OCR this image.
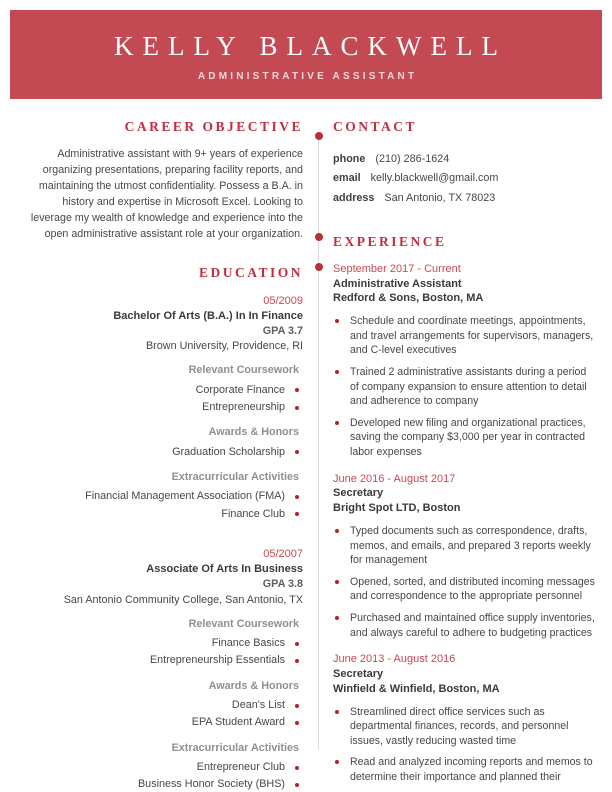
KELLY BLACKWELL
ADMINISTRATIVE ASSISTANT
CAREER OBJECTIVE

Administrative assistant with 9+ years of experience organizing presentations, preparing facility reports, and maintaining the utmost confidentiality. Possess a B.A. in history and expertise in Microsoft Excel. Looking to leverage my wealth of knowledge and experience into the open administrative assistant role at your organization.

EDUCATION
05/2009
Bachelor Of Arts (B.A.) In In Finance
GPA 3.7
Brown University, Providence, RI
Relevant Coursework
Corporate Finance
Entrepreneurship
Awards & Honors
Graduation Scholarship
Extracurricular Activities
Financial Management Association (FMA)
Finance Club
05/2007
Associate Of Arts In Business
GPA 3.8
San Antonio Community College, San Antonio, TX
Relevant Coursework
Finance Basics
Entrepreneurship Essentials
Awards & Honors
Dean's List
EPA Student Award
Extracurricular Activities
Entrepreneur Club
Business Honor Society (BHS)
CONTACT
phone (210) 286-1624
email kelly.blackwell@gmail.com
address San Antonio, TX 78023
EXPERIENCE
September 2017 - Current
Administrative Assistant
Redford & Sons, Boston, MA
Schedule and coordinate meetings, appointments, and travel arrangements for supervisors, managers, and C-level executives
Trained 2 administrative assistants during a period of company expansion to ensure attention to detail and adherence to company
Developed new filing and organizational practices, saving the company $3,000 per year in contracted labor expenses
June 2016 - August 2017
Secretary
Bright Spot LTD, Boston
Typed documents such as correspondence, drafts, memos, and emails, and prepared 3 reports weekly for management
Opened, sorted, and distributed incoming messages and correspondence to the appropriate personnel
Purchased and maintained office supply inventories, and always careful to adhere to budgeting practices
June 2013 - August 2016
Secretary
Winfield & Winfield, Boston, MA
Streamlined direct office services such as departmental finances, records, and personnel issues, vastly reducing wasted time
Read and analyzed incoming reports and memos to determine their importance and planned their
